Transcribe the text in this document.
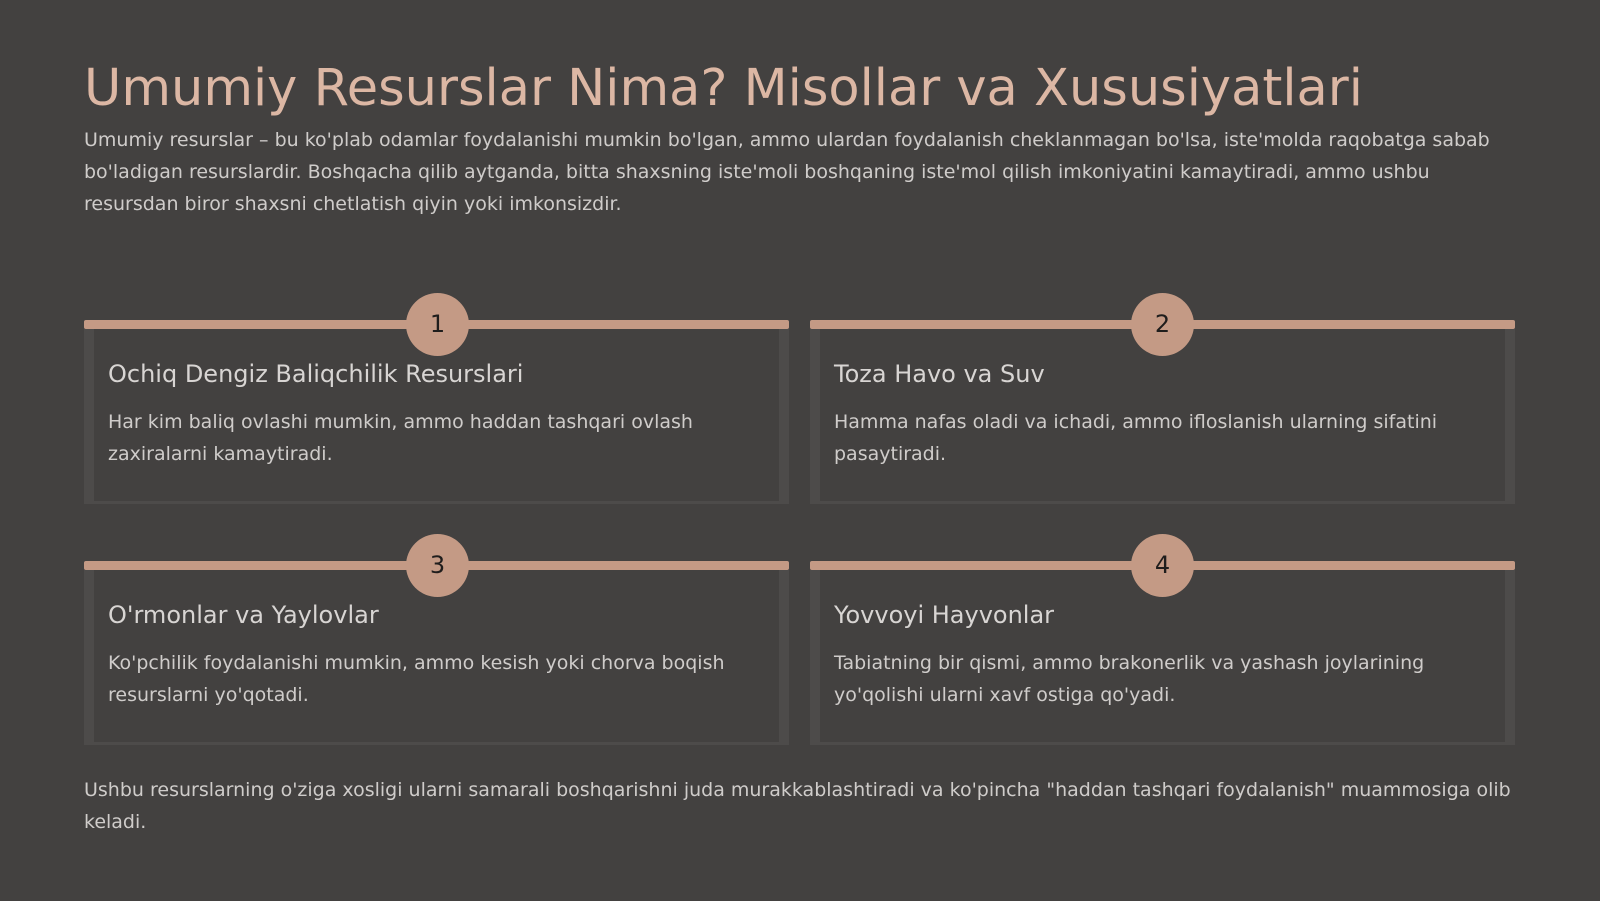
Umumiy Resurslar Nima? Misollar va Xususiyatlari

Umumiy resurslar – bu ko'plab odamlar foydalanishi mumkin bo'lgan, ammo ulardan foydalanish cheklanmagan bo'lsa, iste'molda raqobatga sabab bo'ladigan resurslardir. Boshqacha qilib aytganda, bitta shaxsning iste'moli boshqaning iste'mol qilish imkoniyatini kamaytiradi, ammo ushbu resursdan biror shaxsni chetlatish qiyin yoki imkonsizdir.

1
Ochiq Dengiz Baliqchilik Resurslari

Har kim baliq ovlashi mumkin, ammo haddan tashqari ovlash zaxiralarni kamaytiradi.

2
Toza Havo va Suv

Hamma nafas oladi va ichadi, ammo ifloslanish ularning sifatini pasaytiradi.

3
O'rmonlar va Yaylovlar

Ko'pchilik foydalanishi mumkin, ammo kesish yoki chorva boqish resurslarni yo'qotadi.

4
Yovvoyi Hayvonlar

Tabiatning bir qismi, ammo brakonerlik va yashash joylarining yo'qolishi ularni xavf ostiga qo'yadi.

Ushbu resurslarning o'ziga xosligi ularni samarali boshqarishni juda murakkablashtiradi va ko'pincha "haddan tashqari foydalanish" muammosiga olib keladi.
